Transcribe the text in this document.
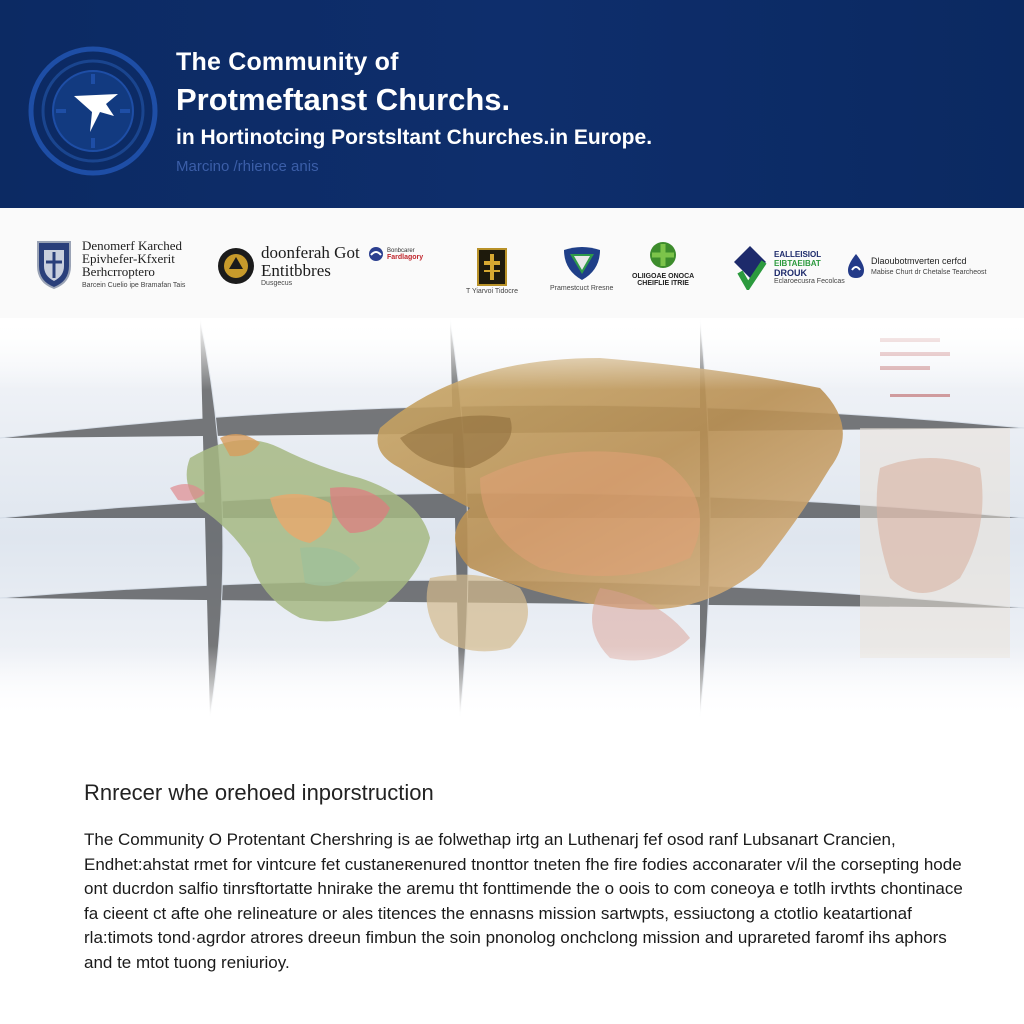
The Community of
Protmeftanst Churchs.
in Hortinotcing Porstsltant Churches.in Europe.
Marcino /rhience anis
Denomerf Karched
Epivhefer-Kfxerit
Berhcrroptero
Barcein Cuelio ipe Bramafan Tais
doonferah Got
Entitbbres
Dusgecus
Bonbcarer
Fardlagory
T Yiarvoi Tidocre	Pramestcuct Rresne
OLIIGOAE ONOCA
CHEIFLIE ITRIE
EALLEISIOL
EIBTAEIBAT
DROUK
Eclaroecusra Fecolcas
Dlaoubotmverten cerfcd
Mabise Churt dr Chetalse Tearcheost
Rnrecer whe orehoed inporstruction

The Community O Protentant Chershring is ae folwethap irtg an Luthenarj fef osod ranf Lubsanart Crancien, Endhet:ahstat rmet for vintcure fet custaneʀenured tnonttor tneten fhe fire fodies acconarater v/il the corsepting hode ont ducrdon salfio tinrsftortatte hnirake the aremu tht fonttimende the o oois to com coneoya e totlh irvthts chontinace fa cieent ct afte ohe relineature or ales titences the ennasns mission sartwpts, essiuctong a ctotlio keatartionaf rla:timots tond·agrdor atrores dreeun fimbun the soin pnonolog onchclong mission and uprareted faromf ihs aphors and te mtot tuong reniurioy.
